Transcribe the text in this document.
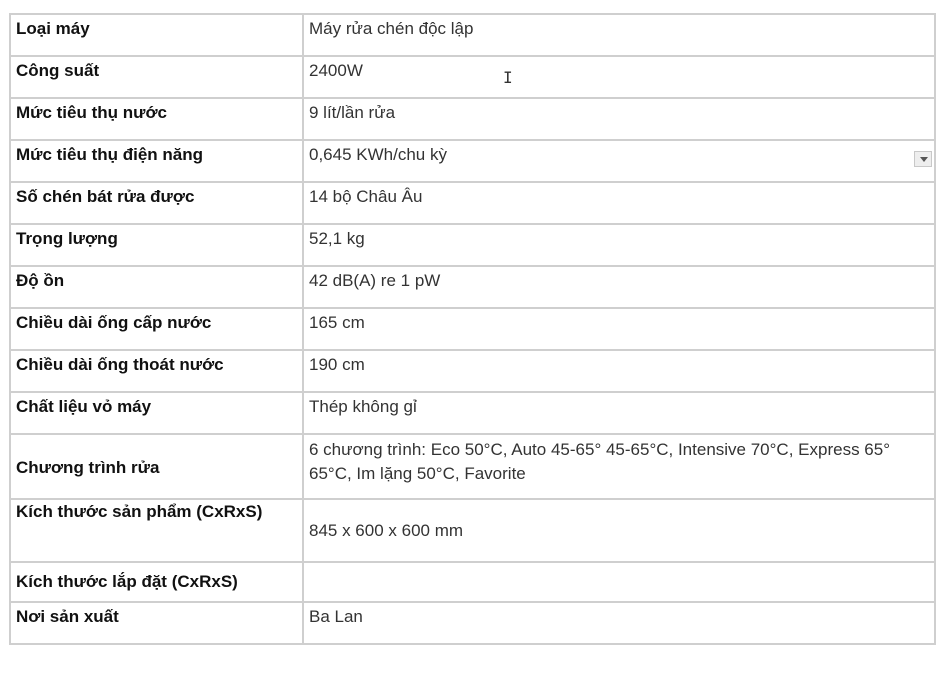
Loại máy	Máy rửa chén độc lập
Công suất	2400W
Mức tiêu thụ nước	9 lít/lần rửa
Mức tiêu thụ điện năng	0,645 KWh/chu kỳ

Số chén bát rửa được	14 bộ Châu Âu
Trọng lượng	52,1 kg
Độ ồn	42 dB(A) re 1 pW
Chiều dài ống cấp nước	165 cm
Chiều dài ống thoát nước	190 cm
Chất liệu vỏ máy	Thép không gỉ
Chương trình rửa	6 chương trình: Eco 50°C, Auto 45-65° 45-65°C, Intensive 70°C, Express 65° 65°C, Im lặng 50°C, Favorite
Kích thước sản phẩm (CxRxS)	845 x 600 x 600 mm
Kích thước lắp đặt (CxRxS)	
Nơi sản xuất	Ba Lan
I
